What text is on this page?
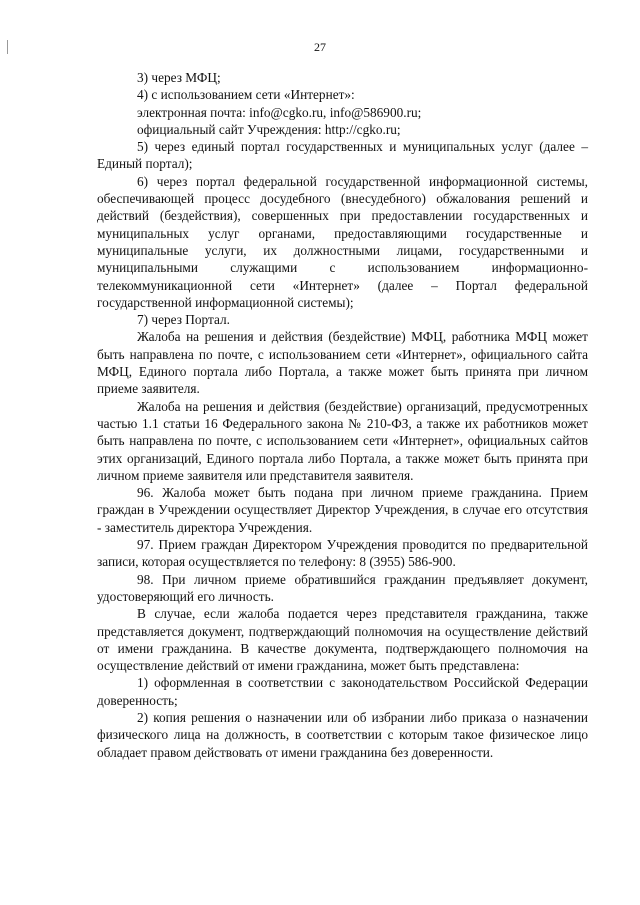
27

3) через МФЦ;

4) с использованием сети «Интернет»:

электронная почта: info@cgko.ru, info@586900.ru;

официальный сайт Учреждения: http://cgko.ru;

5) через единый портал государственных и муниципальных услуг (далее – Единый портал);

6) через портал федеральной государственной информационной системы, обеспечивающей процесс досудебного (внесудебного) обжалования решений и действий (бездействия), совершенных при предоставлении государственных и муниципальных услуг органами, предоставляющими государственные и муниципальные услуги, их должностными лицами, государственными и муниципальными служащими с использованием информационно-телекоммуникационной сети «Интернет» (далее – Портал федеральной государственной информационной системы);

7) через Портал.

Жалоба на решения и действия (бездействие) МФЦ, работника МФЦ может быть направлена по почте, с использованием сети «Интернет», официального сайта МФЦ, Единого портала либо Портала, а также может быть принята при личном приеме заявителя.

Жалоба на решения и действия (бездействие) организаций, предусмотренных частью 1.1 статьи 16 Федерального закона № 210-ФЗ, а также их работников может быть направлена по почте, с использованием сети «Интернет», официальных сайтов этих организаций, Единого портала либо Портала, а также может быть принята при личном приеме заявителя или представителя заявителя.

96. Жалоба может быть подана при личном приеме гражданина. Прием граждан в Учреждении осуществляет Директор Учреждения, в случае его отсутствия - заместитель директора Учреждения.

97. Прием граждан Директором Учреждения проводится по предварительной записи, которая осуществляется по телефону: 8 (3955) 586-900.

98. При личном приеме обратившийся гражданин предъявляет документ, удостоверяющий его личность.

В случае, если жалоба подается через представителя гражданина, также представляется документ, подтверждающий полномочия на осуществление действий от имени гражданина. В качестве документа, подтверждающего полномочия на осуществление действий от имени гражданина, может быть представлена:

1) оформленная в соответствии с законодательством Российской Федерации доверенность;

2) копия решения о назначении или об избрании либо приказа о назначении физического лица на должность, в соответствии с которым такое физическое лицо обладает правом действовать от имени гражданина без доверенности.
